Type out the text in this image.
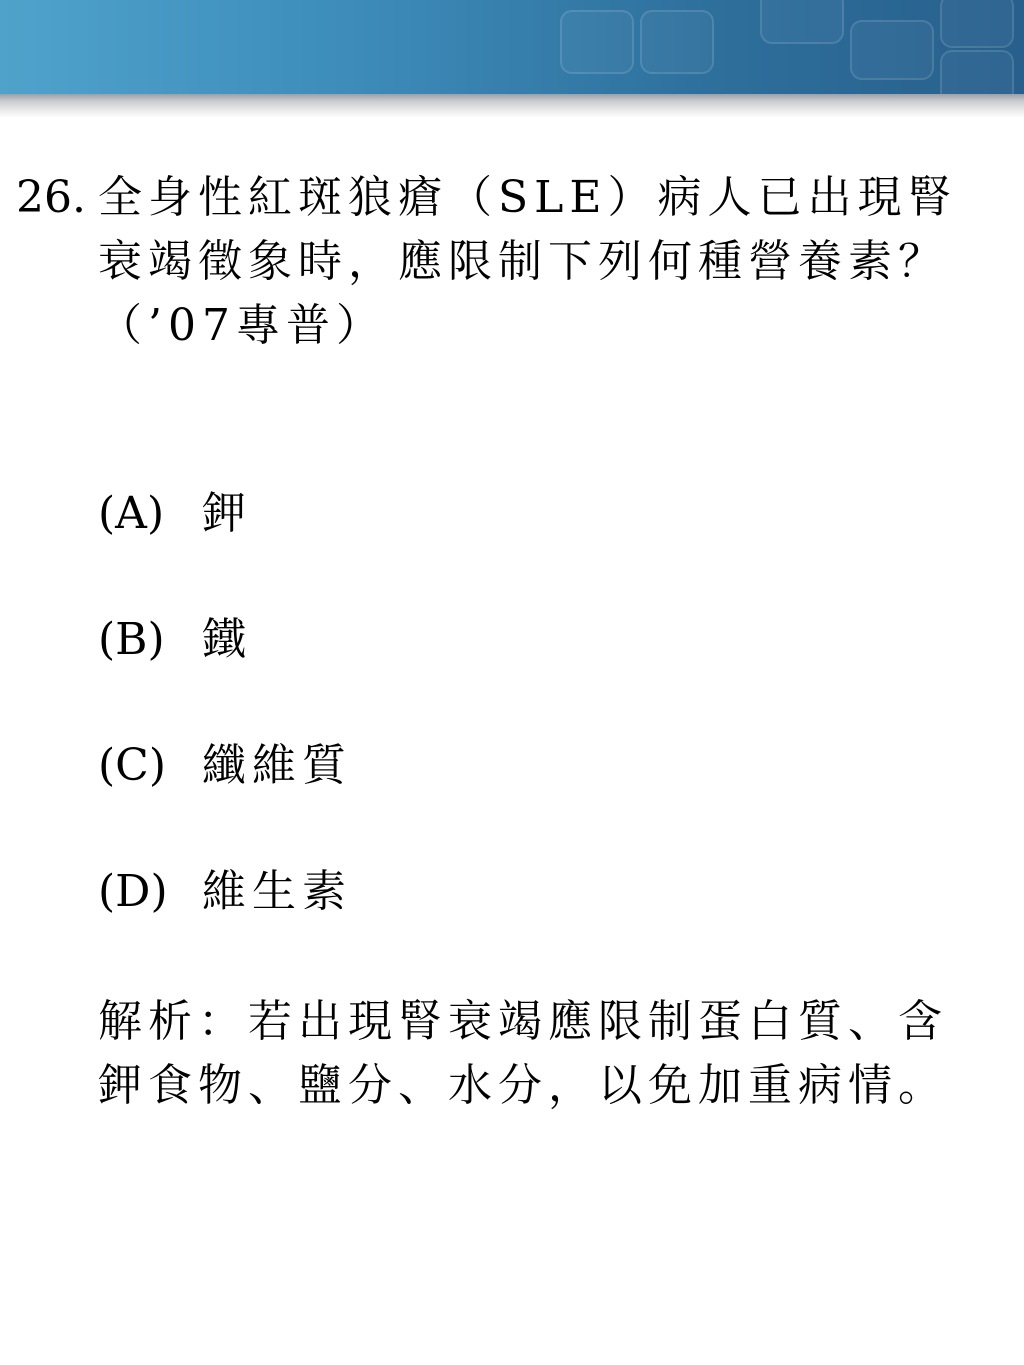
26. 全身性紅斑狼瘡（SLE）病人已出現腎
衰竭徵象時，應限制下列何種營養素？
（’07專普）
(A) 鉀
(B) 鐵
(C) 纖維質
(D) 維生素
解析：若出現腎衰竭應限制蛋白質、含
鉀食物、鹽分、水分，以免加重病情。
